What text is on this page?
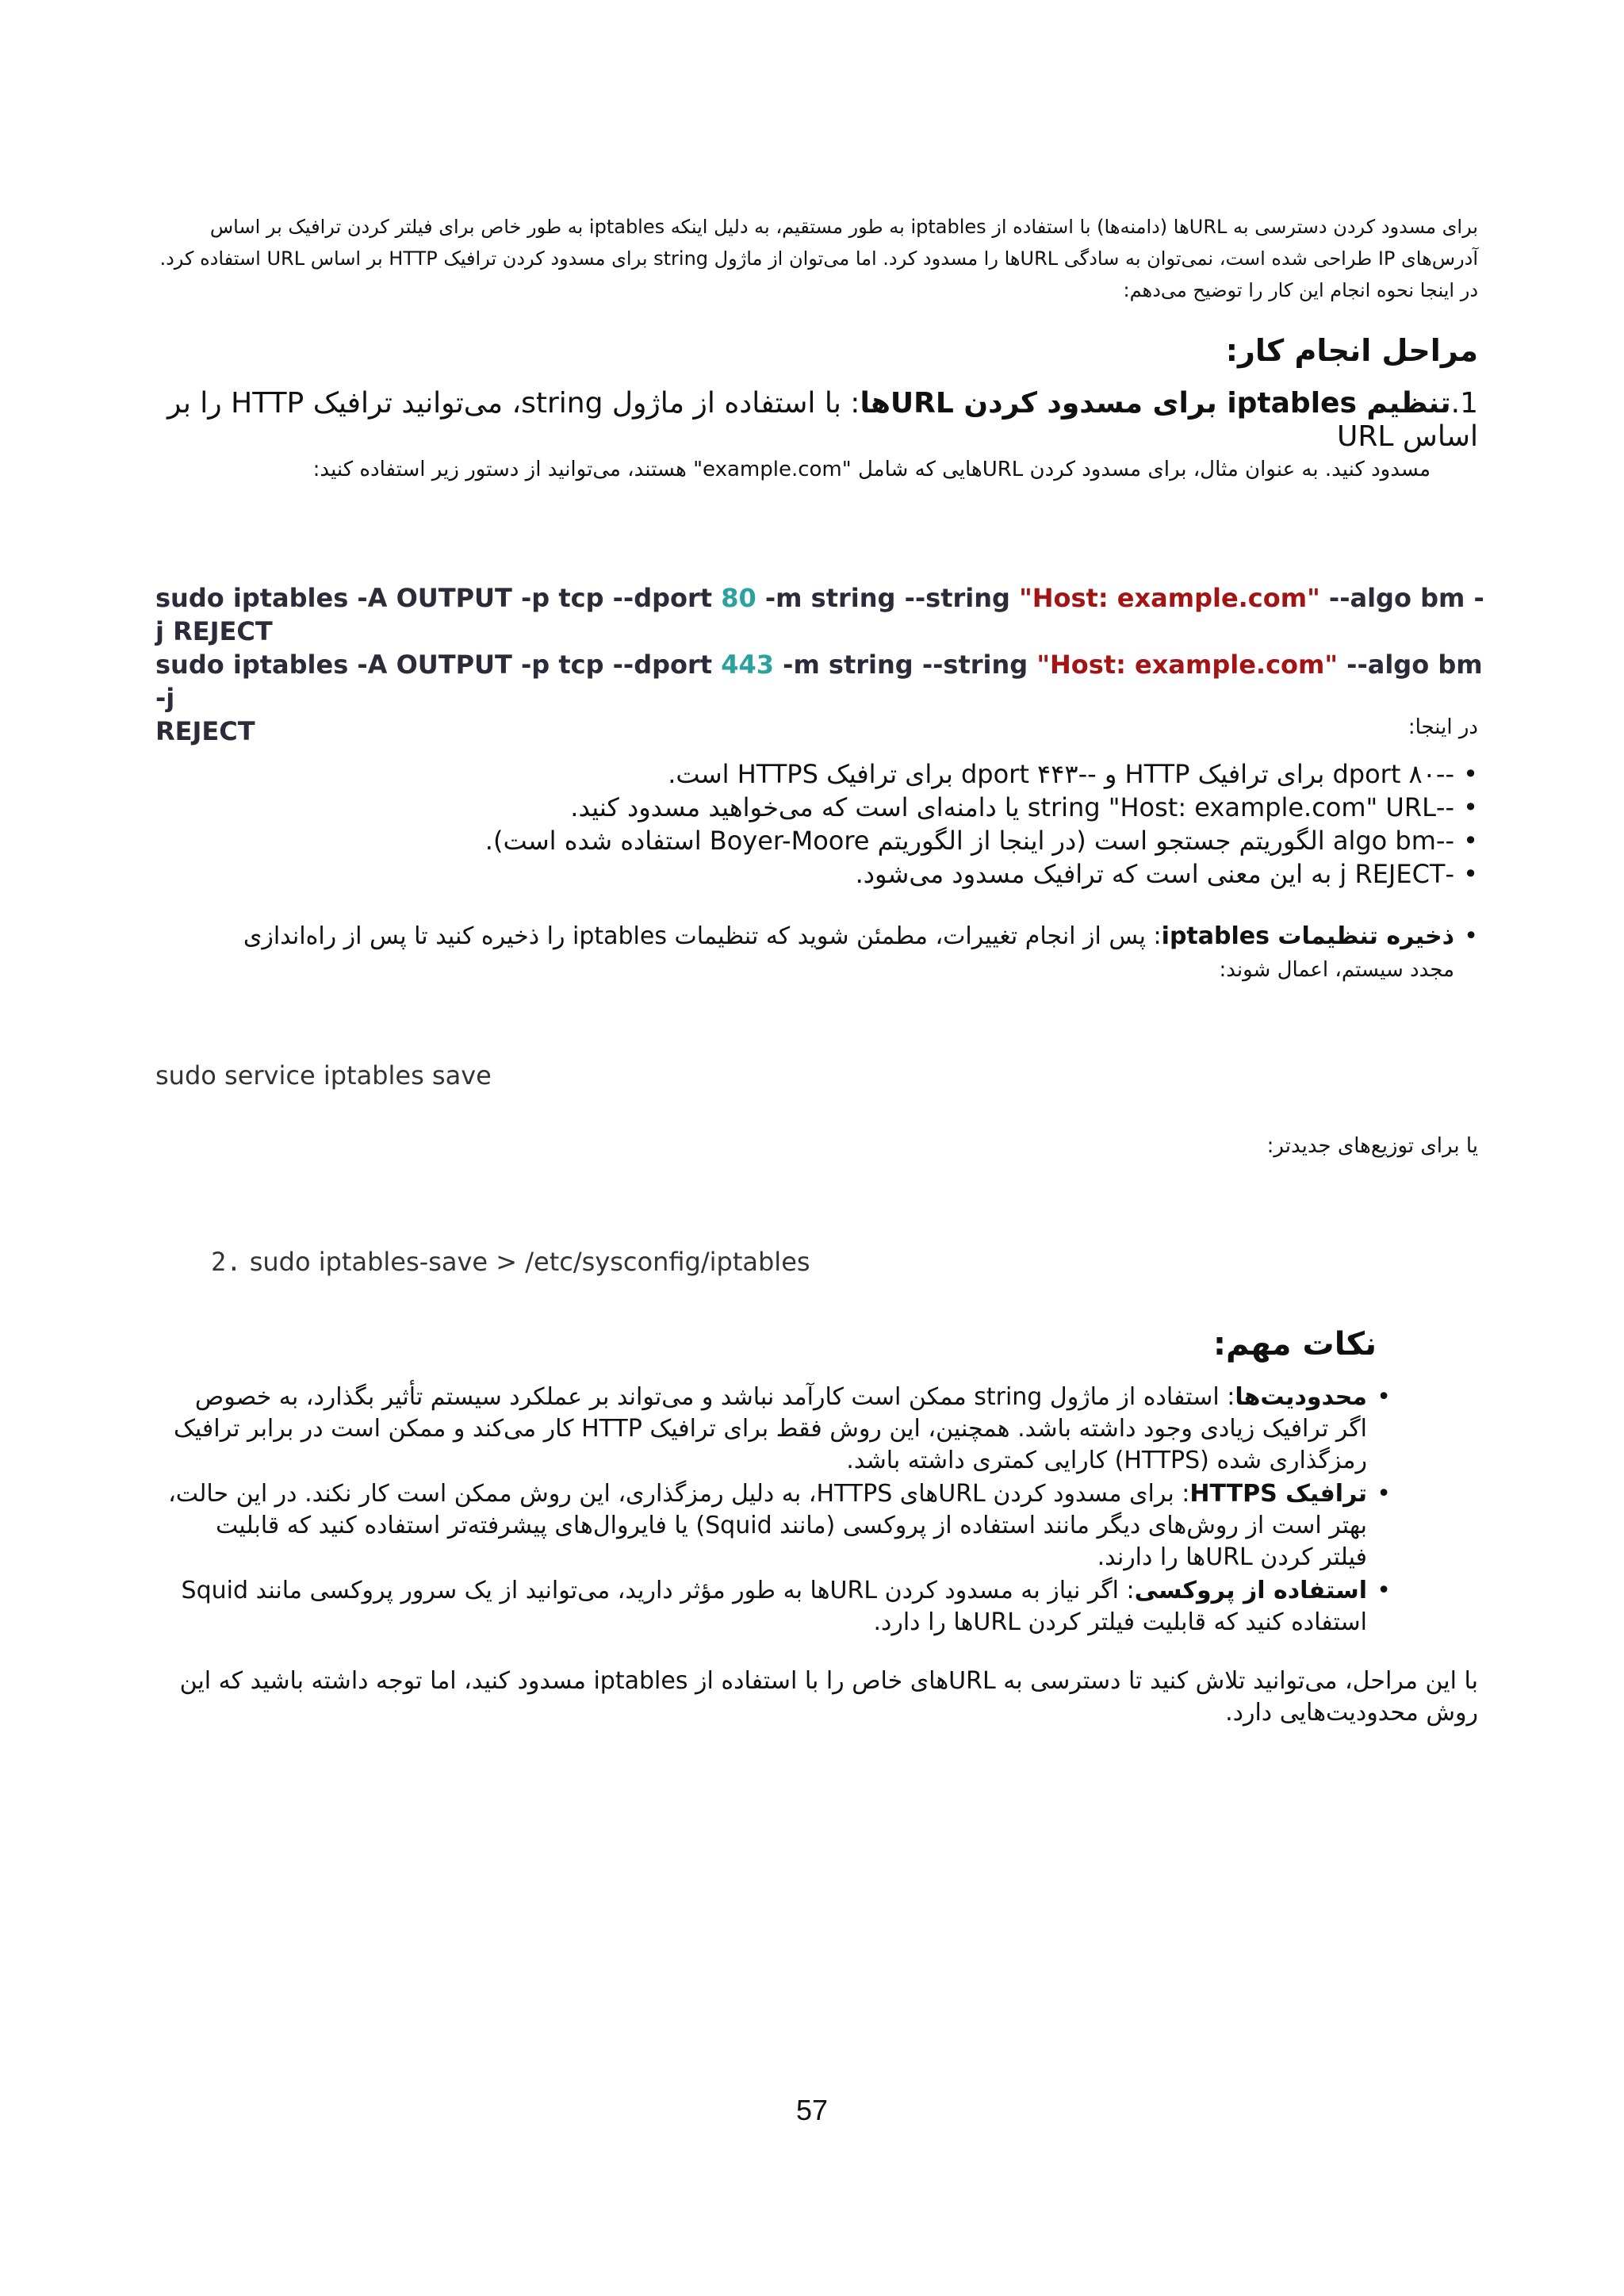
برای مسدود کردن دسترسی به URLها (دامنه‌ها) با استفاده از iptables به طور مستقیم، به دلیل اینکه iptables به طور خاص برای فیلتر کردن ترافیک بر اساس آدرس‌های IP طراحی شده است، نمی‌توان به سادگی URLها را مسدود کرد. اما می‌توان از ماژول string برای مسدود کردن ترافیک HTTP بر اساس URL استفاده کرد. در اینجا نحوه انجام این کار را توضیح می‌دهم:
مراحل انجام کار:
1.تنظیم iptables برای مسدود کردن URLها: با استفاده از ماژول string، می‌توانید ترافیک HTTP را بر اساس URL
مسدود کنید. به عنوان مثال، برای مسدود کردن URLهایی که شامل "example.com" هستند، می‌توانید از دستور زیر استفاده کنید:
sudo iptables -A OUTPUT -p tcp --dport 80 -m string --string "Host: example.com" --algo bm -j REJECT
sudo iptables -A OUTPUT -p tcp --dport 443 -m string --string "Host: example.com" --algo bm -j
REJECT	در اینجا:
•
--dport ۸۰ برای ترافیک HTTP و --dport ۴۴۳ برای ترافیک HTTPS است.
•
--string "Host: example.com" URL یا دامنه‌ای است که می‌خواهید مسدود کنید.
•
--algo bm الگوریتم جستجو است (در اینجا از الگوریتم Boyer-Moore استفاده شده است).
•
-j REJECT به این معنی است که ترافیک مسدود می‌شود.
•
ذخیره تنظیمات iptables: پس از انجام تغییرات، مطمئن شوید که تنظیمات iptables را ذخیره کنید تا پس از راه‌اندازی
مجدد سیستم، اعمال شوند:
sudo service iptables save
یا برای توزیع‌های جدیدتر:
2. sudo iptables-save > /etc/sysconfig/iptables
نکات مهم:
•
محدودیت‌ها: استفاده از ماژول string ممکن است کارآمد نباشد و می‌تواند بر عملکرد سیستم تأثیر بگذارد، به خصوص اگر ترافیک زیادی وجود داشته باشد. همچنین، این روش فقط برای ترافیک HTTP کار می‌کند و ممکن است در برابر ترافیک رمزگذاری شده (HTTPS) کارایی کمتری داشته باشد.
•
ترافیک HTTPS: برای مسدود کردن URLهای HTTPS، به دلیل رمزگذاری، این روش ممکن است کار نکند. در این حالت، بهتر است از روش‌های دیگر مانند استفاده از پروکسی (مانند Squid) یا فایروال‌های پیشرفته‌تر استفاده کنید که قابلیت فیلتر کردن URLها را دارند.
•
استفاده از پروکسی: اگر نیاز به مسدود کردن URLها به طور مؤثر دارید، می‌توانید از یک سرور پروکسی مانند Squid استفاده کنید که قابلیت فیلتر کردن URLها را دارد.
با این مراحل، می‌توانید تلاش کنید تا دسترسی به URLهای خاص را با استفاده از iptables مسدود کنید، اما توجه داشته باشید که این روش محدودیت‌هایی دارد.
57
